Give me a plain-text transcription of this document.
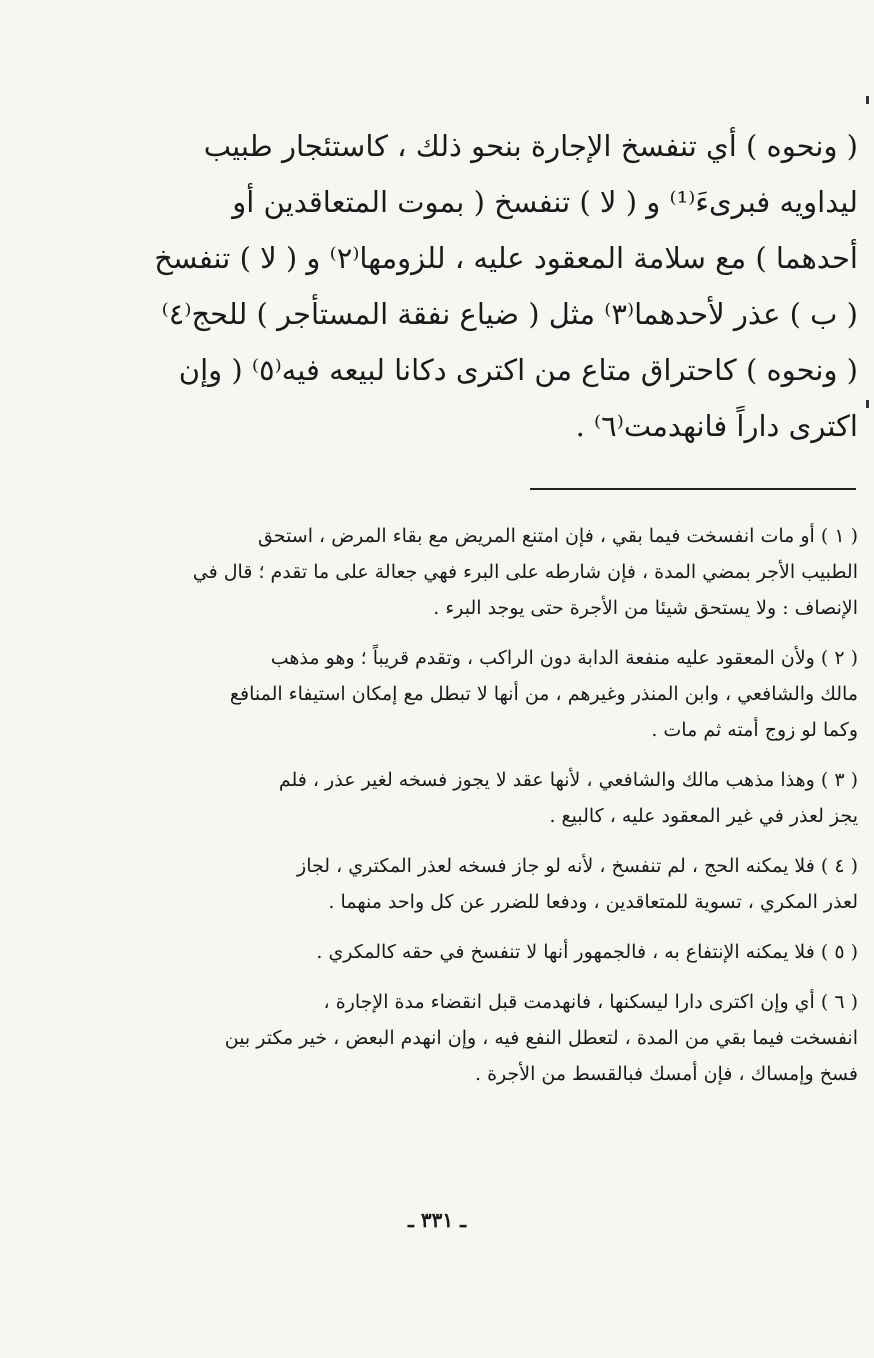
( ونحوه ) أي تنفسخ الإجارة بنحو ذلك ، كاستئجار طبيب
ليداويه فبرىءَ⁽¹⁾ و ( لا ) تنفسخ ( بموت المتعاقدين أو
أحدهما ) مع سلامة المعقود عليه ، للزومها⁽٢⁾ و ( لا ) تنفسخ
( ب ) عذر لأحدهما⁽٣⁾ مثل ( ضياع نفقة المستأجر ) للحج⁽٤⁾
( ونحوه ) كاحتراق متاع من اكترى دكانا لبيعه فيه⁽٥⁾ ( وإن
اكترى داراً فانهدمت⁽٦⁾ .
( ١ ) أو مات انفسخت فيما بقي ، فإن امتنع المريض مع بقاء المرض ، استحق
الطبيب الأجر بمضي المدة ، فإن شارطه على البرء فهي جعالة على ما تقدم ؛ قال في
الإنصاف : ولا يستحق شيئا من الأجرة حتى يوجد البرء .
( ٢ ) ولأن المعقود عليه منفعة الدابة دون الراكب ، وتقدم قريباً ؛ وهو مذهب
مالك والشافعي ، وابن المنذر وغيرهم ، من أنها لا تبطل مع إمكان استيفاء المنافع
وكما لو زوج أمته ثم مات .
( ٣ ) وهذا مذهب مالك والشافعي ، لأنها عقد لا يجوز فسخه لغير عذر ، فلم
يجز لعذر في غير المعقود عليه ، كالبيع .
( ٤ ) فلا يمكنه الحج ، لم تنفسخ ، لأنه لو جاز فسخه لعذر المكتري ، لجاز
لعذر المكري ، تسوية للمتعاقدين ، ودفعا للضرر عن كل واحد منهما .
( ٥ ) فلا يمكنه الإنتفاع به ، فالجمهور أنها لا تنفسخ في حقه كالمكري .
( ٦ ) أي وإن اكترى دارا ليسكنها ، فانهدمت قبل انقضاء مدة الإجارة ،
انفسخت فيما بقي من المدة ، لتعطل النفع فيه ، وإن انهدم البعض ، خير مكتر بين
فسخ وإمساك ، فإن أمسك فبالقسط من الأجرة .
ـ ٣٣١ ـ
